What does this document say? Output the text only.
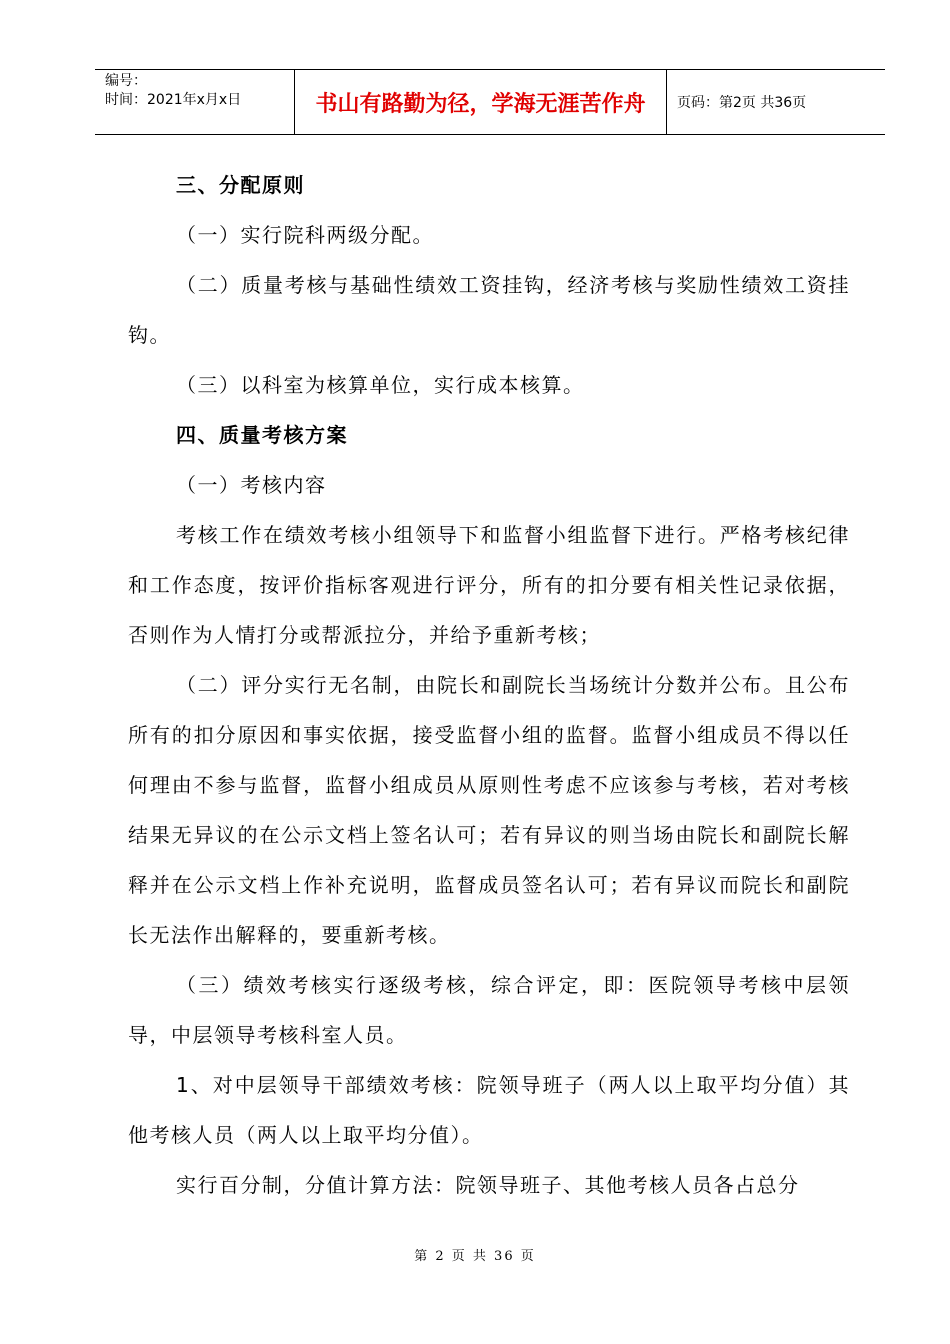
编号：
时间：2021年x月x日	书山有路勤为径，学海无涯苦作舟	页码：第2页 共36页

三、分配原则

（一）实行院科两级分配。

（二）质量考核与基础性绩效工资挂钩，经济考核与奖励性绩效工资挂钩。

（三）以科室为核算单位，实行成本核算。

四、质量考核方案

（一）考核内容

考核工作在绩效考核小组领导下和监督小组监督下进行。严格考核纪律和工作态度，按评价指标客观进行评分，所有的扣分要有相关性记录依据，否则作为人情打分或帮派拉分，并给予重新考核；

（二）评分实行无名制，由院长和副院长当场统计分数并公布。且公布所有的扣分原因和事实依据，接受监督小组的监督。监督小组成员不得以任何理由不参与监督，监督小组成员从原则性考虑不应该参与考核，若对考核结果无异议的在公示文档上签名认可；若有异议的则当场由院长和副院长解释并在公示文档上作补充说明，监督成员签名认可；若有异议而院长和副院长无法作出解释的，要重新考核。

（三）绩效考核实行逐级考核，综合评定，即：医院领导考核中层领导，中层领导考核科室人员。

1、对中层领导干部绩效考核：院领导班子（两人以上取平均分值）其他考核人员（两人以上取平均分值）。

实行百分制，分值计算方法：院领导班子、其他考核人员各占总分

第 2 页 共 36 页
